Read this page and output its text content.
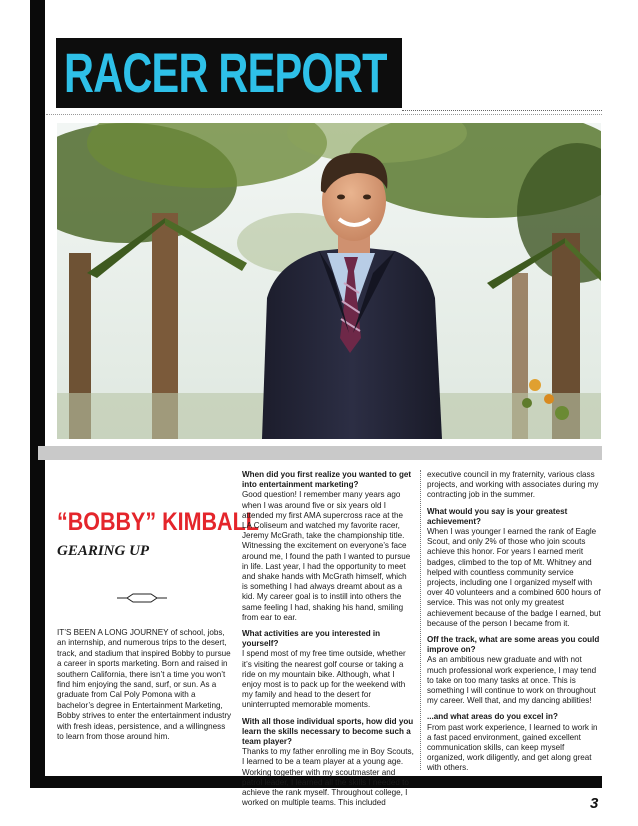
RACER REPORT
“BOBBY” KIMBALL
GEARING UP
IT’S BEEN A LONG JOURNEY of school, jobs, an internship, and numerous trips to the desert, track, and stadium that inspired Bobby to pursue a career in sports marketing. Born and raised in southern California, there isn’t a time you won’t find him enjoying the sand, surf, or sun. As a graduate from Cal Poly Pomona with a bachelor’s degree in Entertainment Marketing, Bobby strives to enter the entertainment industry with fresh ideas, persistence, and a willingness to learn from those around him.
When did you first realize you wanted to get into entertainment marketing?
Good question! I remember many years ago when I was around five or six years old I attended my first AMA supercross race at the LA Coliseum and watched my favorite racer, Jeremy McGrath, take the championship title. Witnessing the excitement on everyone’s face around me, I found the path I wanted to pursue in life. Last year, I had the opportunity to meet and shake hands with McGrath himself, which is something I had always dreamt about as a kid. My career goal is to instill into others the same feeling I had, shaking his hand, smiling from ear to ear.
What activities are you interested in yourself?
I spend most of my free time outside, whether it’s visiting the nearest golf course or taking a ride on my mountain bike. Although, what I enjoy most is to pack up for the weekend with my family and head to the desert for uninterrupted memorable moments.
With all those individual sports, how did you learn the skills necessary to become such a team player?
Thanks to my father enrolling me in Boy Scouts, I learned to be a team player at a young age. Working together with my scoutmaster and patrol leader, I learned all the skills I needed to achieve the rank myself. Throughout college, I worked on multiple teams. This included
executive council in my fraternity, various class projects, and working with associates during my contracting job in the summer.
What would you say is your greatest achievement?
When I was younger I earned the rank of Eagle Scout, and only 2% of those who join scouts achieve this honor. For years I earned merit badges, climbed to the top of Mt. Whitney and helped with countless community service projects, including one I organized myself with over 40 volunteers and a combined 600 hours of service. This was not only my greatest achievement because of the badge I earned, but because of the person I became from it.
Off the track, what are some areas you could improve on?
As an ambitious new graduate and with not much professional work experience, I may tend to take on too many tasks at once. This is something I will continue to work on throughout my career. Well that, and my dancing abilities!
...and what areas do you excel in?
From past work experience, I learned to work in a fast paced environment, gained excellent communication skills, can keep myself organized, work diligently, and get along great with others.
3
